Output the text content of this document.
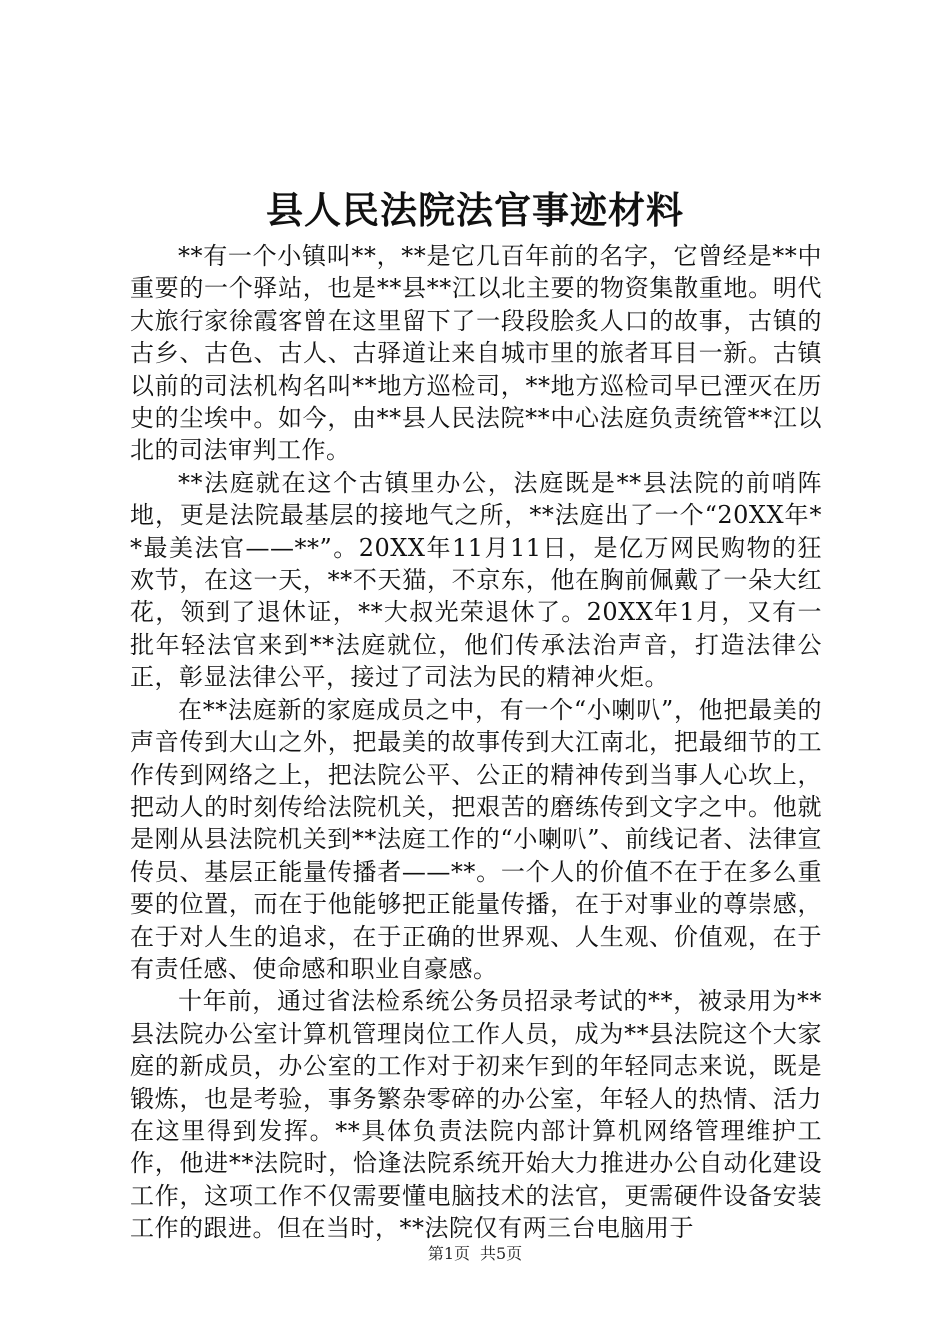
县人民法院法官事迹材料

**有一个小镇叫**，**是它几百年前的名字，它曾经是**中重要的一个驿站，也是**县**江以北主要的物资集散重地。明代大旅行家徐霞客曾在这里留下了一段段脍炙人口的故事，古镇的古乡、古色、古人、古驿道让来自城市里的旅者耳目一新。古镇以前的司法机构名叫**地方巡检司，**地方巡检司早已湮灭在历史的尘埃中。如今，由**县人民法院**中心法庭负责统管**江以北的司法审判工作。

**法庭就在这个古镇里办公，法庭既是**县法院的前哨阵地，更是法院最基层的接地气之所，**法庭出了一个“20XX年**最美法官——**”。20XX年11月11日，是亿万网民购物的狂欢节，在这一天，**不天猫，不京东，他在胸前佩戴了一朵大红花，领到了退休证，**大叔光荣退休了。20XX年1月，又有一批年轻法官来到**法庭就位，他们传承法治声音，打造法律公正，彰显法律公平，接过了司法为民的精神火炬。

在**法庭新的家庭成员之中，有一个“小喇叭”，他把最美的声音传到大山之外，把最美的故事传到大江南北，把最细节的工作传到网络之上，把法院公平、公正的精神传到当事人心坎上，把动人的时刻传给法院机关，把艰苦的磨练传到文字之中。他就是刚从县法院机关到**法庭工作的“小喇叭”、前线记者、法律宣传员、基层正能量传播者——**。一个人的价值不在于在多么重要的位置，而在于他能够把正能量传播，在于对事业的尊崇感，在于对人生的追求，在于正确的世界观、人生观、价值观，在于有责任感、使命感和职业自豪感。

十年前，通过省法检系统公务员招录考试的**，被录用为**县法院办公室计算机管理岗位工作人员，成为**县法院这个大家庭的新成员，办公室的工作对于初来乍到的年轻同志来说，既是锻炼，也是考验，事务繁杂零碎的办公室，年轻人的热情、活力在这里得到发挥。**具体负责法院内部计算机网络管理维护工作，他进**法院时，恰逢法院系统开始大力推进办公自动化建设工作，这项工作不仅需要懂电脑技术的法官，更需硬件设备安装工作的跟进。但在当时，**法院仅有两三台电脑用于

第1页 共5页
